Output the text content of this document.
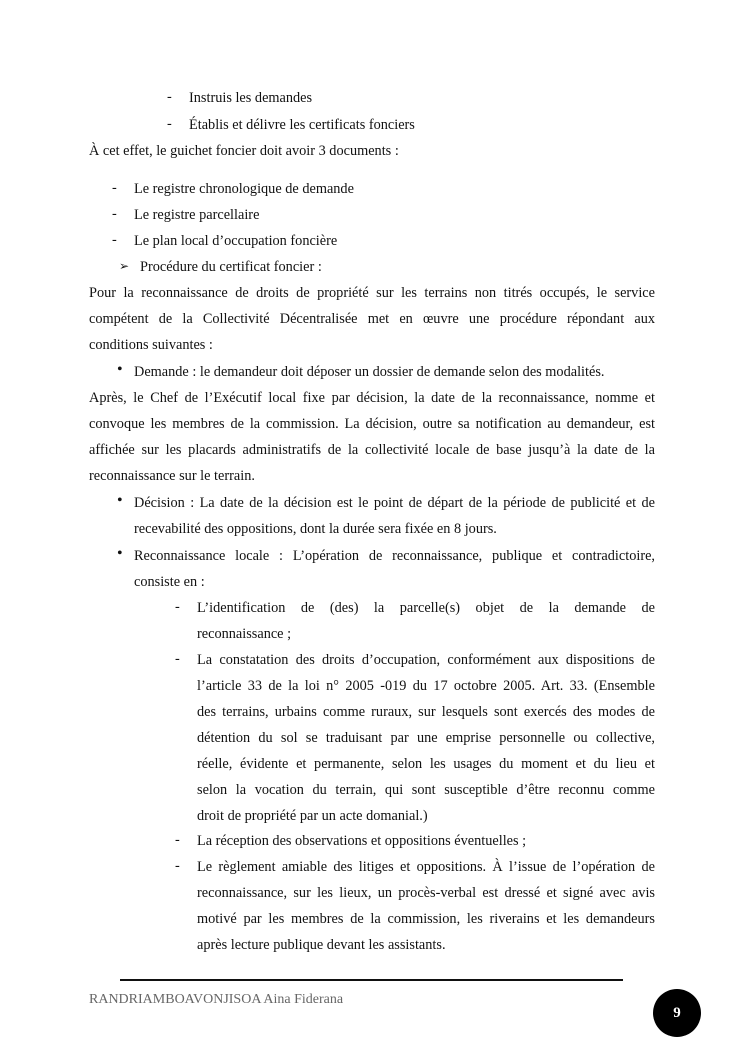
- Instruis les demandes
- Établis et délivre les certificats fonciers
À cet effet, le guichet foncier doit avoir 3 documents :
- Le registre chronologique de demande
- Le registre parcellaire
- Le plan local d’occupation foncière
➢ Procédure du certificat foncier :
Pour la reconnaissance de droits de propriété sur les terrains non titrés occupés, le service
compétent de la Collectivité Décentralisée met en œuvre une procédure répondant aux
conditions suivantes :
• Demande : le demandeur doit déposer un dossier de demande selon des modalités.
Après, le Chef de l’Exécutif local fixe par décision, la date de la reconnaissance, nomme et
convoque les membres de la commission. La décision, outre sa notification au demandeur, est
affichée sur les placards administratifs de la collectivité locale de base jusqu’à la date de la
reconnaissance sur le terrain.
• Décision : La date de la décision est le point de départ de la période de publicité et de
recevabilité des oppositions, dont la durée sera fixée en 8 jours.
• Reconnaissance locale : L’opération de reconnaissance, publique et contradictoire,
consiste en :
- L’identification de (des) la parcelle(s) objet de la demande de
reconnaissance ;
- La constatation des droits d’occupation, conformément aux dispositions de
l’article 33 de la loi n° 2005 -019 du 17 octobre 2005. Art. 33. (Ensemble
des terrains, urbains comme ruraux, sur lesquels sont exercés des modes de
détention du sol se traduisant par une emprise personnelle ou collective,
réelle, évidente et permanente, selon les usages du moment et du lieu et
selon la vocation du terrain, qui sont susceptible d’être reconnu comme
droit de propriété par un acte domanial.)
- La réception des observations et oppositions éventuelles ;
- Le règlement amiable des litiges et oppositions. À l’issue de l’opération de
reconnaissance, sur les lieux, un procès-verbal est dressé et signé avec avis
motivé par les membres de la commission, les riverains et les demandeurs
après lecture publique devant les assistants.
RANDRIAMBOAVONJISOA Aina Fiderana
9
